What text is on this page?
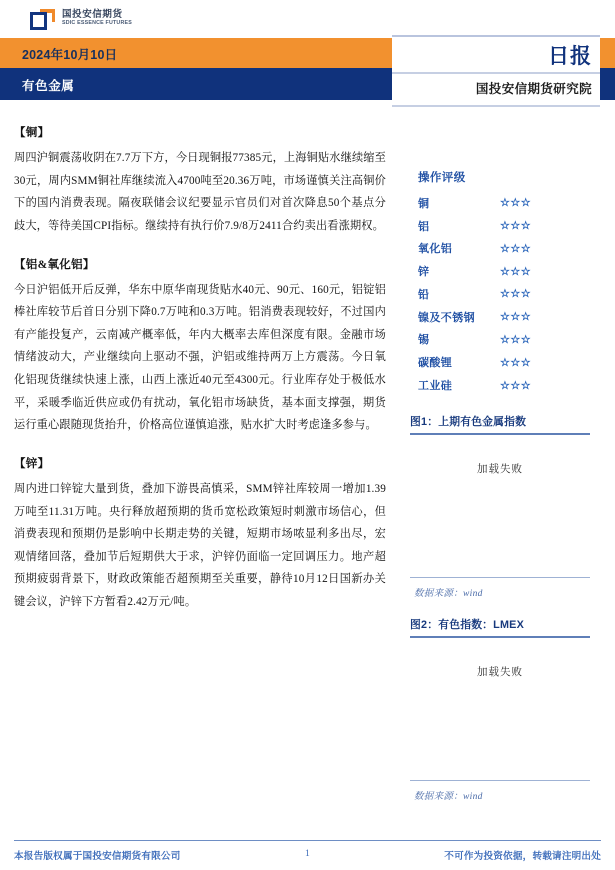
国投安信期货
SDIC ESSENCE FUTURES
2024年10月10日
有色金属
日报
国投安信期货研究院
【铜】
周四沪铜震荡收阴在7.7万下方，今日现铜报77385元，上海铜贴水继续缩至30元，周内SMM铜社库继续流入4700吨至20.36万吨，市场谨慎关注高铜价下的国内消费表现。隔夜联储会议纪要显示官员们对首次降息50个基点分歧大，等待美国CPI指标。继续持有执行价7.9/8万2411合约卖出看涨期权。
【铝&氧化铝】
今日沪铝低开后反弹，华东中原华南现货贴水40元、90元、160元，铝锭铝棒社库较节后首日分别下降0.7万吨和0.3万吨。铝消费表现较好，不过国内有产能投复产，云南减产概率低，年内大概率去库但深度有限。金融市场情绪波动大，产业继续向上驱动不强，沪铝或维持两万上方震荡。今日氧化铝现货继续快速上涨，山西上涨近40元至4300元。行业库存处于极低水平，采暖季临近供应或仍有扰动，氧化铝市场缺货，基本面支撑强，期货运行重心跟随现货抬升，价格高位谨慎追涨，贴水扩大时考虑逢多参与。
【锌】
周内进口锌锭大量到货，叠加下游畏高慎采，SMM锌社库较周一增加1.39万吨至11.31万吨。央行释放超预期的货币宽松政策短时刺激市场信心，但消费表现和预期仍是影响中长期走势的关键，短期市场哝显利多出尽，宏观情绪回落，叠加节后短期供大于求，沪锌仍面临一定回调压力。地产超预期疲弱背景下，财政政策能否超预期至关重要，静待10月12日国新办关键会议，沪锌下方暂看2.42万元/吨。
操作评级	
铜	☆☆☆
铝	☆☆☆
氧化铝	☆☆☆
锌	☆☆☆
铅	☆☆☆
镍及不锈钢	☆☆☆
锡	☆☆☆
碳酸锂	☆☆☆
工业硅	☆☆☆
图1：上期有色金属指数
加载失败
数据来源：wind
图2：有色指数：LMEX
加载失败
数据来源：wind
本报告版权属于国投安信期货有限公司	1	不可作为投资依据，转载请注明出处
